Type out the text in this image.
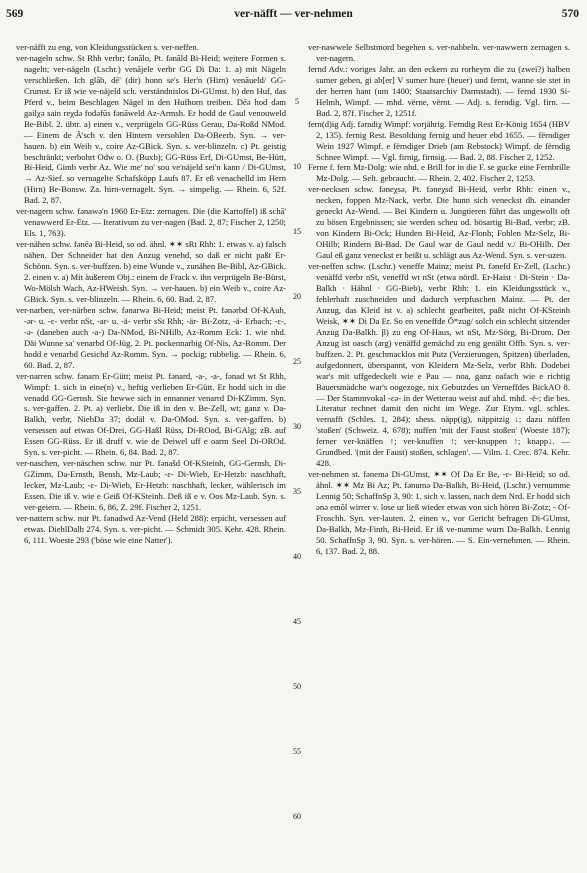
569	ver-näfft — ver-nehmen	570

ver-näfft zu eng, von Kleidungsstücken s. ver-neffen.

ver-nageln schw. St Rhh verbr; fənālo, Pt. fənāld Bi-Heid; weitere Formen s. nageln; ver-nägeln (Lschr.) venājele verbr GG Di Da: 1. a) mit Nägeln verschließen. Ich glāb, dē' (dir) honn se's Her'n (Hirn) venāueld/ GG-Crumst. Er iß wie ve-näjeld sch. verständnislos Di-GUmst. b) den Huf, das Pferd v., beim Beschlagen Nägel in den Hufhorn treiben. Dēə hod dəm gailχə sain reχdə fodəfūs fənāweld Az-Armsh. Er hodd de Gaul venouweld Be-Bibl. 2. übtr. a) einen v., verprügeln GG-Rüss Gerau, Da-Roßd NMod. — Einem de Ä'sch v. den Hintern versohlen Da-OBeerb. Syn. → ver-hauen. b) ein Weib v., coire Az-GBick. Syn. s. ver-blinzeln. c) Pt. geistig beschränkt; verbohrt Odw o. O. (Buxb); GG-Rüss Erf, Di-GUmst, Be-Hütt, Bi-Heid, Gimb verbr Az. Wie me' no' sou ve'näjeld sei'n kann / Di-GUmst, → Az-Sief. so vernagelte Schafsköpp Laufs 87. Er eß venachelld im Hern (Hirn) Be-Bonsw. Za. hirn-vernagelt. Syn. → simpelig. — Rhein. 6, 52f. Bad. 2, 87.

ver-nagern schw. fənawə'n 1960 Er-Etz: zernagen. Die (die Kartoffel) iß schā' venawwerd Er-Etz. — Iterativum zu ver-nagen (Bad. 2, 87; Fischer 2, 1250; Els. 1, 763).

ver-nähen schw. fənēə Bi-Heid, so od. ähnl. ✶✶ sRt Rhh: 1. etwas v. a) falsch nähen. Der Schneider hat den Anzug venehd, so daß er nicht paßt Er-Schönn. Syn. s. ver-buffzen. b) eine Wunde v., zunähen Be-Bibl, Az-GBick. 2. einen v. a) Mit äußerem Obj.: einem de Frack v. ihn verprügeln Be-Bürst, Wo-Mölsh Wach, Az-HWeish. Syn. → ver-hauen. b) ein Weib v., coire Az-GBick. Syn. s. ver-blinzeln. — Rhein. 6, 60. Bad. 2, 87.

ver-narben, ver-närben schw. fənarwə Bi-Heid; meist Pt. fənərbd Of-KAuh, -ər- u. -ɛ- verbr nSt, -ar- u. -ä- verbr sSt Rhh; -är- Bi-Zotz, -ä- Erbach; -ɛ-, -ə- (daneben auch -a-) Da-NMod, Bi-NHilb, Az-Romm Eck: 1. wie nhd. Däi Wunne sa' venarbd Of-Jüg. 2. Pt. pockennarbig Of-Nis, Az-Romm. Der hodd e venarbd Gesichd Az-Romm. Syn. → pockig; rubbelig. — Rhein. 6, 60. Bad. 2, 87.

ver-narren schw. fənarn Er-Gütt; meist Pt. fənard, -a-, -a-, fənad wt St Rhh, Wimpf: 1. sich in eine(n) v., heftig verlieben Er-Gütt. Er hodd sich in die venadd GG-Gernsh. Sie hewwe sich in ennanner venarrd Di-KZimm. Syn. s. ver-gaffen. 2. Pt. a) verliebt. Die iß in den v. Be-Zell, wt; ganz v. Da-Balkh, verbr, NiebDa 37; dodäl v. Da-OMod. Syn. s. ver-gaffen. b) versessen auf etwas Of-Drei, GG-Haßl Rüss, Di-ROod, Bi-GAlg; zB. auf Essen GG-Rüss. Er iß druff v. wie de Deiwel uff e oarm Seel Di-OROd. Syn. s. ver-picht. — Rhein. 6, 84. Bad. 2, 87.

ver-naschen, ver-näschen schw. nur Pt. fənašd Of-KSteinh, GG-Gernsh, Di-GZimm, Da-Ernsth, Bensh, Mz-Laub; -ɛ- Di-Wieb, Er-Hetzb: naschhaft, lecker, Mz-Laub; -ɛ- Di-Wieb, Er-Hetzb: naschhaft, lecker, wählerisch im Essen. Die iß v. wie e Geiß Of-KSteinh. Deß iß e v. Oos Mz-Laub. Syn. s. ver-geiern. — Rhein. 6, 86, Z. 29f. Fischer 2, 1251.

ver-nattern schw. nur Pt. fənadwd Az-Vend (Held 288): erpicht, versessen auf etwas. DiehlDalh 274. Syn. s. ver-picht. — Schmidt 305. Kehr. 428. Rhein. 6, 111. Woeste 293 ('böse wie eine Natter').

5
10
15
20
25
30
35
40
45
50
55
60

ver-nawwele Selbstmord begehen s. ver-nabbeln. ver-nawwern zernagen s. ver-nagern.

fernd Adv.: voriges Jahr. an den eckern zu rorheym die zu (zwei?) halben sumer geben, gi ab[er] V sumer hure (heuer) und fernt, wanne sie stet in der herren hant (um 1400; Staatsarchiv Darmstadt). — fernd 1930 Si-Helmh, Wimpf. — mhd. vërne, vërnt. — Adj. s. ferndig. Vgl. firn. — Bad. 2, 87f. Fischer 2, 1251f.

fern(d)ig Adj. fərndiχ Wimpf: vorjährig. Ferndig Rest Er-König 1654 (HBV 2, 135). fernig Rest. Besoldung fernig und heuer ebd 1655. — fërndiger Wein 1927 Wimpf. e fërndiger Drieb (am Rebstock) Wimpf. de fërndig Schnee Wimpf. — Vgl. firnig, firnsig. — Bad. 2, 88. Fischer 2, 1252.

Ferne f. fern Mz-Dolg: wie nhd. e Brill for in die F. se gucke eine Fernbrille Mz-Dolg. — Selt. gebraucht. — Rhein. 2, 402. Fischer 2, 1253.

ver-necksen schw. fəneχsə, Pt. fəneχsd Bi-Heid, verbr Rhh: einen v., necken, foppen Mz-Nack, verbr. Die hunn sich veneckst dh. einander geneckt Az-Wend. — Bei Kindern u. Jungtieren führt das ungewollt oft zu bösen Ergebnissen; sie werden scheu od. bösartig Bi-Bad, verbr; zB. von Kindern Bi-Ock; Hunden Bi-Heid, Az-Flonh; Fohlen Mz-Selz, Bi-OHilb; Rindern Bi-Bad. De Gaul war de Gaul nedd v./ Bi-OHilb. Der Gaul eß ganz veneckst er beißt u. schlägt aus Az-Wend. Syn. s. ver-uzen.

ver-neffen schw. (Lschr.) veneffe Mainz; meist Pt. fənefd Er-Zell, (Lschr.) venäffd verbr nSt, veneffd wt nSt (etwa nördl. Er-Haist · Di-Stein · Da-Balkh · Hähnl · GG-Bieb), verbr Rhh: 1. ein Kleidungsstück v., fehlerhaft zuschneiden und dadurch verpfuschen Mainz. — Pt. der Anzug, das Kleid ist v. a) schlecht gearbeitet, paßt nicht Of-KSteinh Weisk, ✶✶ Di Da Er. So en veneffde Ö*zug/ solch ein schlecht sitzender Anzug Da-Balkh. β) zu eng Of-Haus, wt nSt, Mz-Sörg, Bi-Drom. Der Anzug ist oasch (arg) venäffd gemächd zu eng genäht Offb. Syn. s. ver-buffzen. 2. Pt. geschmacklos mit Putz (Verzierungen, Spitzen) überladen, aufgedonnert, überspannt, von Kleidern Mz-Selz, verbr Rhh. Dodebei war's mit uffgedeckelt wie e Pau — noa, ganz oafach wie e richtig Bauersmädche war's oogezoge, nix Gebutzdes un Verneffdes BickAO 8. — Der Stammvokal -ɛə- in der Wetterau weist auf ahd. mhd. -ë-; die bes. Literatur rechnet damit den nicht im Wege. Zur Etym. vgl. schles. vernafft (Schles. 1, 284); shess. näpp(ig), näppitzig ↓; dazu nüffen 'stoßen' (Schweiz. 4, 678); nuffen 'mit der Faust stoßen' (Woeste 187); ferner ver-knäffen ↑; ver-knuffen ↑; ver-knuppen ↑; knapp↓. — Grundbed. '(mit der Faust) stoßen, schlagen'. — Vilm. 1. Crec. 874. Kehr. 428.

ver-nehmen st. fənemə Di-GUmst, ✶✶ Of Da Er Be, -ɛ- Bi-Heid; so od. ähnl. ✶✶ Mz Bi Az; Pt. fənumə Da-Balkh, Bi-Heid, (Lschr.) vernumme Lennig 50; SchaffnSp 3, 90: 1. sich v. lassen, nach dem Nrd. Er hodd sich ənə emōl wirrer v. lose ur ließ wieder etwas von sich hören Bi-Zotz; - Of-Froschh. Syn. ver-lauten. 2. einen v., vor Gericht befragen Di-GUmst, Da-Balkh, Mz-Finth, Bi-Heid. Er iß ve-numme wurn Da-Balkh. Lennig 50. SchaffnSp 3, 90. Syn. s. ver-hören. — S. Ein-vernehmen. — Rhein. 6, 137. Bad. 2, 88.
